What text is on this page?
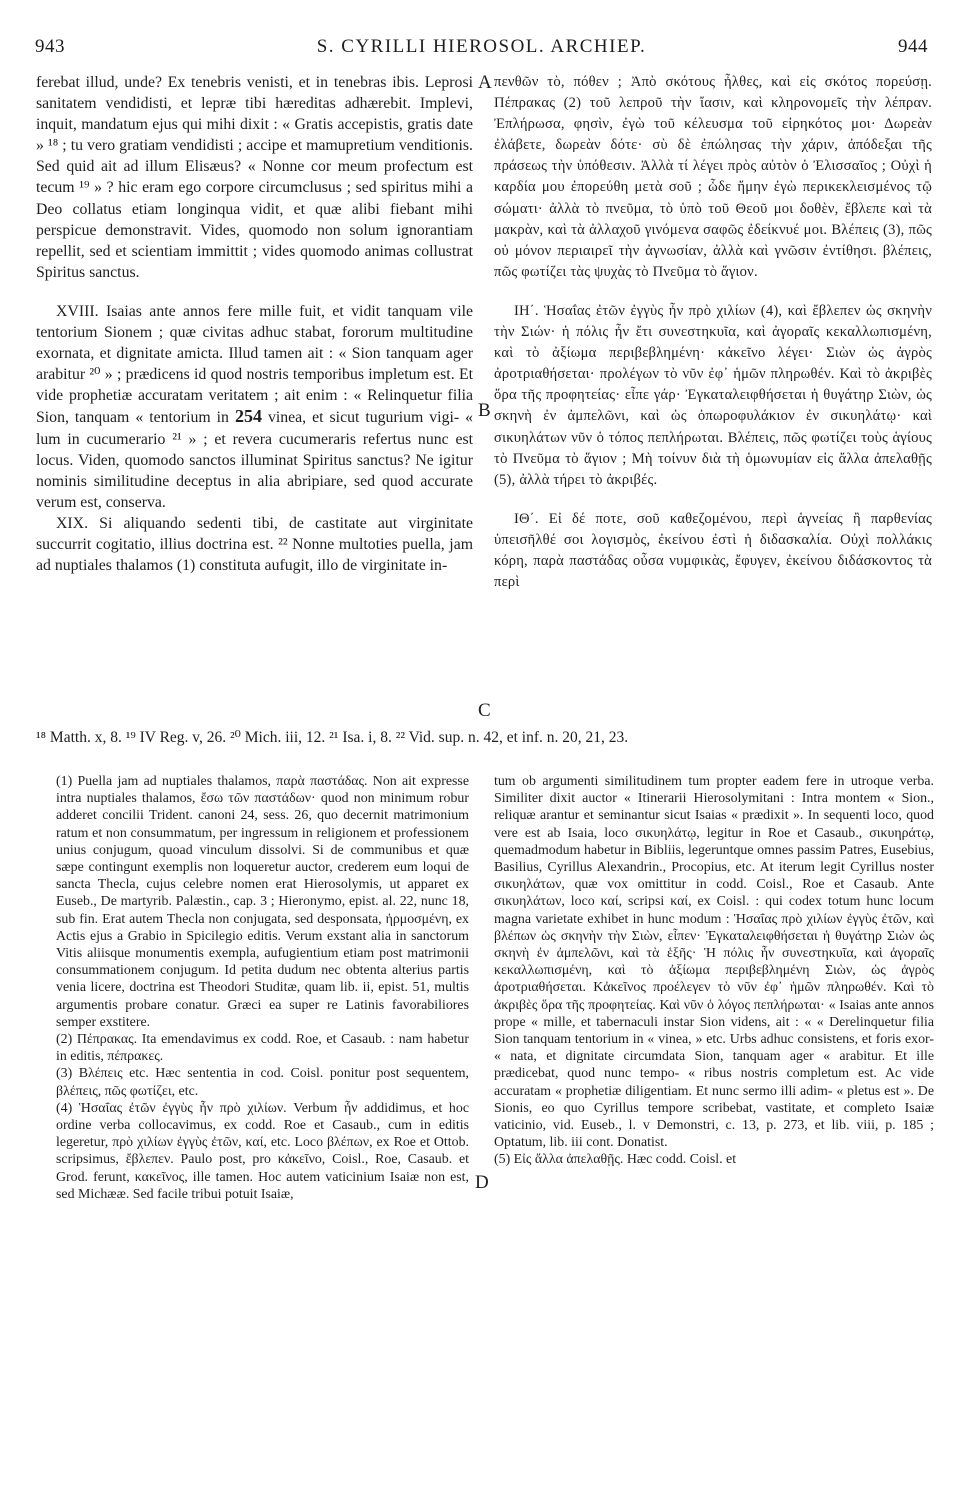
943	S. CYRILLI HIEROSOL. ARCHIEP.	944
A
B
C
D

ferebat illud, unde? Ex tenebris venisti, et in tenebras ibis. Leprosi sanitatem vendidisti, et lepræ tibi hæreditas adhærebit. Implevi, inquit, mandatum ejus qui mihi dixit : « Gratis accepistis, gratis date » ¹⁸ ; tu vero gratiam vendidisti ; accipe et mamupretium venditionis. Sed quid ait ad illum Elisæus? « Nonne cor meum profectum est tecum ¹⁹ » ? hic eram ego corpore circumclusus ; sed spiritus mihi a Deo collatus etiam longinqua vidit, et quæ alibi fiebant mihi perspicue demonstravit. Vides, quomodo non solum ignorantiam repellit, sed et scientiam immittit ; vides quomodo animas collustrat Spiritus sanctus.

XVIII. Isaias ante annos fere mille fuit, et vidit tanquam vile tentorium Sionem ; quæ civitas adhuc stabat, fororum multitudine exornata, et dignitate amicta. Illud tamen ait : « Sion tanquam ager arabitur ²⁰ » ; prædicens id quod nostris temporibus impletum est. Et vide prophetiæ accuratam veritatem ; ait enim : « Relinquetur filia Sion, tanquam « tentorium in 254 vinea, et sicut tugurium vigi- « lum in cucumerario ²¹ » ; et revera cucumeraris refertus nunc est locus. Viden, quomodo sanctos illuminat Spiritus sanctus? Ne igitur nominis similitudine deceptus in alia abripiare, sed quod accurate verum est, conserva.

XIX. Si aliquando sedenti tibi, de castitate aut virginitate succurrit cogitatio, illius doctrina est. ²² Nonne multoties puella, jam ad nuptiales thalamos (1) constituta aufugit, illo de virginitate in-

πενθῶν τὸ, πόθεν ; Ἀπὸ σκότους ἦλθες, καὶ εἰς σκότος πορεύσῃ. Πέπρακας (2) τοῦ λεπροῦ τὴν ἴασιν, καὶ κληρονομεῖς τὴν λέπραν. Ἐπλήρωσα, φησὶν, ἐγὼ τοῦ κέλευσμα τοῦ εἰρηκότος μοι· Δωρεὰν ἐλάβετε, δωρεὰν δότε· σὺ δὲ ἐπώλησας τὴν χάριν, ἀπόδεξαι τῆς πράσεως τὴν ὑπόθεσιν. Ἀλλὰ τί λέγει πρὸς αὐτὸν ὁ Ἐλισσαῖος ; Οὐχὶ ἡ καρδία μου ἐπορεύθη μετὰ σοῦ ; ὧδε ἤμην ἐγὼ περικεκλεισμένος τῷ σώματι· ἀλλὰ τὸ πνεῦμα, τὸ ὑπὸ τοῦ Θεοῦ μοι δοθὲν, ἔβλεπε καὶ τὰ μακρὰν, καὶ τὰ ἀλλαχοῦ γινόμενα σαφῶς ἐδείκνυέ μοι. Βλέπεις (3), πῶς οὐ μόνον περιαιρεῖ τὴν ἀγνωσίαν, ἀλλὰ καὶ γνῶσιν ἐντίθησι. βλέπεις, πῶς φωτίζει τὰς ψυχὰς τὸ Πνεῦμα τὸ ἅγιον.

ΙΗ΄. Ἡσαΐας ἐτῶν ἐγγὺς ἦν πρὸ χιλίων (4), καὶ ἔβλεπεν ὡς σκηνὴν τὴν Σιών· ἡ πόλις ἦν ἔτι συνεστηκυῖα, καὶ ἀγοραῖς κεκαλλωπισμένη, καὶ τὸ ἀξίωμα περιβεβλημένη· κἀκεῖνο λέγει· Σιὼν ὡς ἀγρὸς ἀροτριαθήσεται· προλέγων τὸ νῦν ἐφ᾽ ἡμῶν πληρωθέν. Καὶ τὸ ἀκριβὲς ὅρα τῆς προφητείας· εἶπε γάρ· Ἐγκαταλειφθήσεται ἡ θυγάτηρ Σιὼν, ὡς σκηνὴ ἐν ἀμπελῶνι, καὶ ὡς ὀπωροφυλάκιον ἐν σικυηλάτῳ· καὶ σικυηλάτων νῦν ὁ τόπος πεπλήρωται. Βλέπεις, πῶς φωτίζει τοὺς ἁγίους τὸ Πνεῦμα τὸ ἅγιον ; Μὴ τοίνυν διὰ τὴ ὁμωνυμίαν εἰς ἄλλα ἀπελαθῇς (5), ἀλλὰ τήρει τὸ ἀκριβές.

ΙΘ΄. Εἰ δέ ποτε, σοῦ καθεζομένου, περὶ ἁγνείας ἢ παρθενίας ὑπεισῆλθέ σοι λογισμὸς, ἐκείνου ἐστὶ ἡ διδασκαλία. Οὐχὶ πολλάκις κόρη, παρὰ παστάδας οὖσα νυμφικὰς, ἔφυγεν, ἐκείνου διδάσκοντος τὰ περὶ

¹⁸ Matth. x, 8. ¹⁹ IV Reg. v, 26. ²⁰ Mich. iii, 12. ²¹ Isa. i, 8. ²² Vid. sup. n. 42, et inf. n. 20, 21, 23.

(1) Puella jam ad nuptiales thalamos, παρὰ παστάδας. Non ait expresse intra nuptiales thalamos, ἔσω τῶν παστάδων· quod non minimum robur adderet concilii Trident. canoni 24, sess. 26, quo decernit matrimonium ratum et non consummatum, per ingressum in religionem et professionem unius conjugum, quoad vinculum dissolvi. Si de communibus et quæ sæpe contingunt exemplis non loqueretur auctor, crederem eum loqui de sancta Thecla, cujus celebre nomen erat Hierosolymis, ut apparet ex Euseb., De martyrib. Palæstin., cap. 3 ; Hieronymo, epist. al. 22, nunc 18, sub fin. Erat autem Thecla non conjugata, sed desponsata, ἠρμοσμένη, ex Actis ejus a Grabio in Spicilegio editis. Verum exstant alia in sanctorum Vitis aliisque monumentis exempla, aufugientium etiam post matrimonii consummationem conjugum. Id petita dudum nec obtenta alterius partis venia licere, doctrina est Theodori Studitæ, quam lib. ii, epist. 51, multis argumentis probare conatur. Græci ea super re Latinis favorabiliores semper exstitere.

(2) Πέπρακας. Ita emendavimus ex codd. Roe, et Casaub. : nam habetur in editis, πέπρακες.

(3) Βλέπεις etc. Hæc sententia in cod. Coisl. ponitur post sequentem, βλέπεις, πῶς φωτίζει, etc.

(4) Ἡσαΐας ἐτῶν ἐγγὺς ἦν πρὸ χιλίων. Verbum ἦν addidimus, et hoc ordine verba collocavimus, ex codd. Roe et Casaub., cum in editis legeretur, πρὸ χιλίων ἐγγὺς ἐτῶν, καί, etc. Loco βλέπων, ex Roe et Ottob. scripsimus, ἔβλεπεν. Paulo post, pro κἀκεῖνο, Coisl., Roe, Casaub. et Grod. ferunt, κακεῖνος, ille tamen. Hoc autem vaticinium Isaiæ non est, sed Michææ. Sed facile tribui potuit Isaiæ,

tum ob argumenti similitudinem tum propter eadem fere in utroque verba. Similiter dixit auctor « Itinerarii Hierosolymitani : Intra montem « Sion., reliquæ arantur et seminantur sicut Isaias « prædixit ». In sequenti loco, quod vere est ab Isaia, loco σικυηλάτῳ, legitur in Roe et Casaub., σικυηράτῳ, quemadmodum habetur in Bibliis, legeruntque omnes passim Patres, Eusebius, Basilius, Cyrillus Alexandrin., Procopius, etc. At iterum legit Cyrillus noster σικυηλάτων, quæ vox omittitur in codd. Coisl., Roe et Casaub. Ante σικυηλάτων, loco καί, scripsi καί, ex Coisl. : qui codex totum hunc locum magna varietate exhibet in hunc modum : Ἡσαΐας πρὸ χιλίων ἐγγὺς ἐτῶν, καὶ βλέπων ὡς σκηνὴν τὴν Σιὼν, εἶπεν· Ἐγκαταλειφθήσεται ἡ θυγάτηρ Σιὼν ὡς σκηνὴ ἐν ἀμπελῶνι, καὶ τὰ ἑξῆς· Ἡ πόλις ἦν συνεστηκυῖα, καὶ ἀγοραῖς κεκαλλωπισμένη, καὶ τὸ ἀξίωμα περιβεβλημένη Σιὼν, ὡς ἀγρὸς ἀροτριαθήσεται. Κἀκεῖνος προέλεγεν τὸ νῦν ἐφ᾽ ἡμῶν πληρωθέν. Καὶ τὸ ἀκριβὲς ὅρα τῆς προφητείας. Καὶ νῦν ὁ λόγος πεπλήρωται· « Isaias ante annos prope « mille, et tabernaculi instar Sion videns, ait : « « Derelinquetur filia Sion tanquam tentorium in « vinea, » etc. Urbs adhuc consistens, et foris exor- « nata, et dignitate circumdata Sion, tanquam ager « arabitur. Et ille prædicebat, quod nunc tempo- « ribus nostris completum est. Ac vide accuratam « prophetiæ diligentiam. Et nunc sermo illi adim- « pletus est ». De Sionis, eo quo Cyrillus tempore scribebat, vastitate, et completo Isaiæ vaticinio, vid. Euseb., l. v Demonstri, c. 13, p. 273, et lib. viii, p. 185 ; Optatum, lib. iii cont. Donatist.

(5) Εἰς ἄλλα ἀπελαθῇς. Hæc codd. Coisl. et
